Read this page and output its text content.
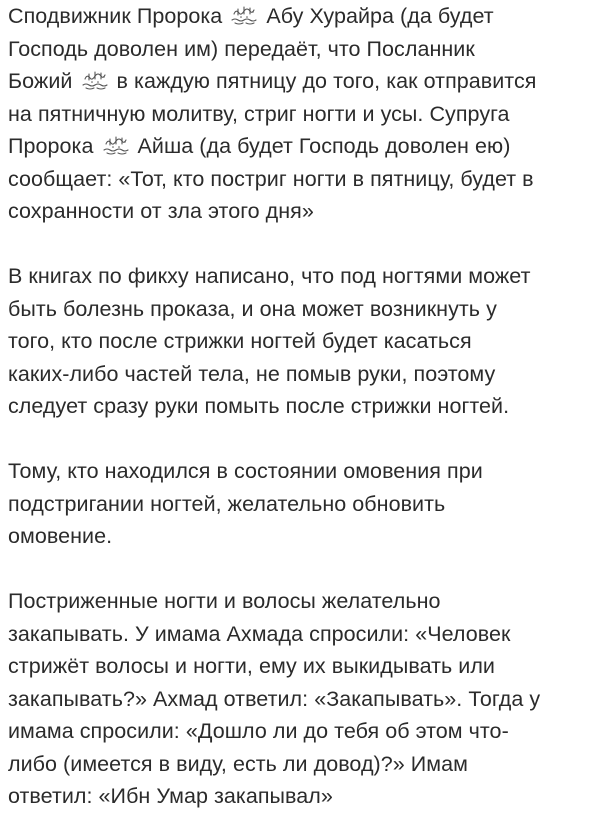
Сподвижник Пророка Абу Хурайра (да будет
Господь доволен им) передаёт, что Посланник
Божий в каждую пятницу до того, как отправится
на пятничную молитву, стриг ногти и усы. Супруга
Пророка Айша (да будет Господь доволен ею)
сообщает: «Тот, кто постриг ногти в пятницу, будет в
сохранности от зла этого дня»

В книгах по фикху написано, что под ногтями может
быть болезнь проказа, и она может возникнуть у
того, кто после стрижки ногтей будет касаться
каких-либо частей тела, не помыв руки, поэтому
следует сразу руки помыть после стрижки ногтей.

Тому, кто находился в состоянии омовения при
подстригании ногтей, желательно обновить
омовение.

Постриженные ногти и волосы желательно
закапывать. У имама Ахмада спросили: «Человек
стрижёт волосы и ногти, ему их выкидывать или
закапывать?» Ахмад ответил: «Закапывать». Тогда у
имама спросили: «Дошло ли до тебя об этом что-
либо (имеется в виду, есть ли довод)?» Имам
ответил: «Ибн Умар закапывал»
